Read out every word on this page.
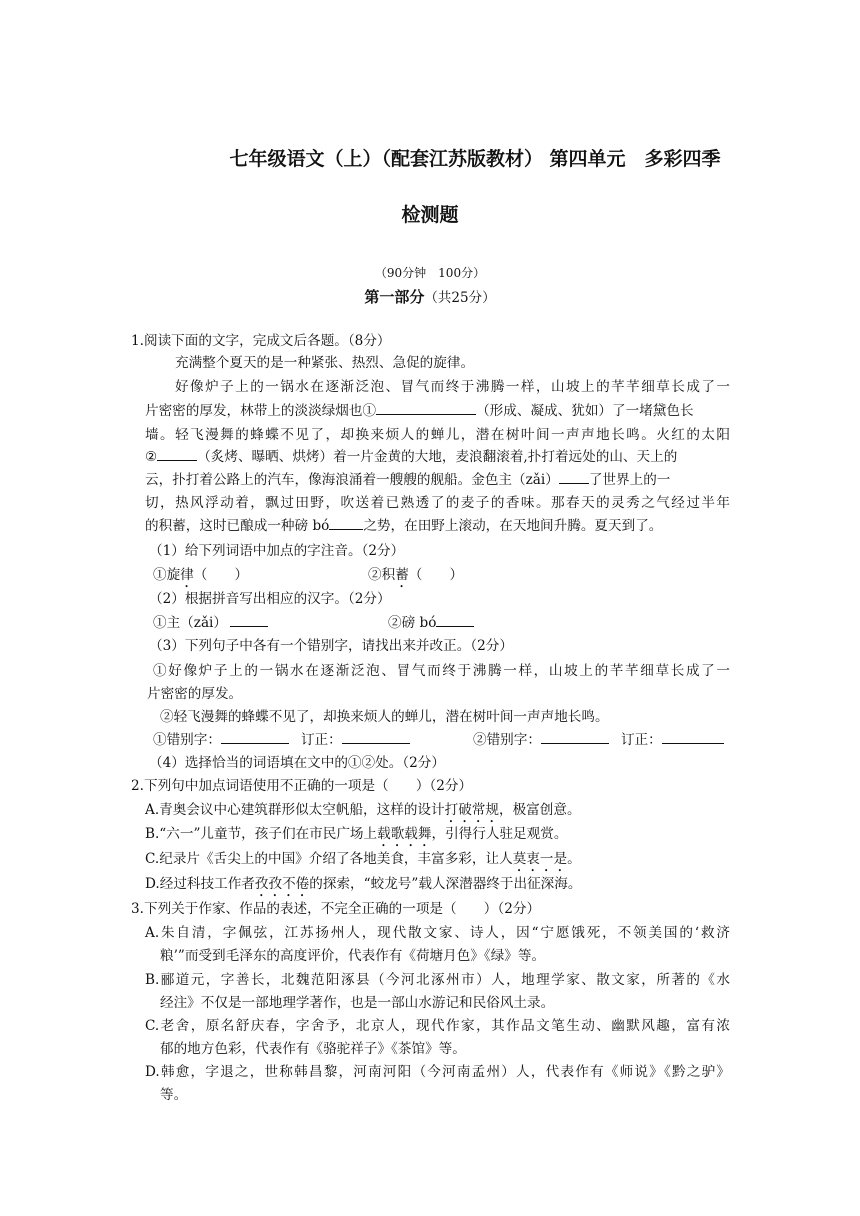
七年级语文（上）（配套江苏版教材） 第四单元　多彩四季
检测题
（90分钟　100分）
第一部分（共25分）
1.阅读下面的文字，完成文后各题。（8分）
充满整个夏天的是一种紧张、热烈、急促的旋律。
好像炉子上的一锅水在逐渐泛泡、冒气而终于沸腾一样，山坡上的芊芊细草长成了一
片密密的厚发，林带上的淡淡绿烟也①	（形成、凝成、犹如）了一堵黛色长
墙。轻飞漫舞的蜂蝶不见了，却换来烦人的蝉儿，潜在树叶间一声声地长鸣。火红的太阳
②	（炙烤、曝晒、烘烤）着一片金黄的大地，麦浪翻滚着,扑打着远处的山、天上的
云，扑打着公路上的汽车，像海浪涌着一艘艘的舰船。金色主（zǎi） 了世界上的一
切，热风浮动着，飘过田野，吹送着已熟透了的麦子的香味。那春天的灵秀之气经过半年
的积蓄，这时已酿成一种磅 bó	之势，在田野上滚动，在天地间升腾。夏天到了。
（1）给下列词语中加点的字注音。（2分）
①旋律（　　）	②积蓄（　　）
（2）根据拼音写出相应的汉字。（2分）
①主（zǎi）	②磅 bó
（3）下列句子中各有一个错别字，请找出来并改正。（2分）
①好像炉子上的一锅水在逐渐泛泡、冒气而终于沸腾一样，山坡上的芊芊细草长成了一
片密密的厚发。
②轻飞漫舞的蜂蝶不见了，却换来烦人的蝉儿，潜在树叶间一声声地长鸣。
①错别字：	订正：	②错别字：	订正：
（4）选择恰当的词语填在文中的①②处。（2分）
2.下列句中加点词语使用不正确的一项是（　　）（2分）
A.青奥会议中心建筑群形似太空帆船，这样的设计打破常规，极富创意。
B.“六一”儿童节，孩子们在市民广场上载歌载舞，引得行人驻足观赏。
C.纪录片《舌尖上的中国》介绍了各地美食，丰富多彩，让人莫衷一是。
D.经过科技工作者孜孜不倦的探索，“蛟龙号”载人深潜器终于出征深海。
3.下列关于作家、作品的表述，不完全正确的一项是（　　）（2分）
A.朱自清，字佩弦，江苏扬州人，现代散文家、诗人，因“宁愿饿死，不领美国的‘救济
粮’”而受到毛泽东的高度评价，代表作有《荷塘月色》《绿》等。
B.郦道元，字善长，北魏范阳涿县（今河北涿州市）人，地理学家、散文家，所著的《水
经注》不仅是一部地理学著作，也是一部山水游记和民俗风土录。
C.老舍，原名舒庆春，字舍予，北京人，现代作家，其作品文笔生动、幽默风趣，富有浓
郁的地方色彩，代表作有《骆驼祥子》《茶馆》等。
D.韩愈，字退之，世称韩昌黎，河南河阳（今河南孟州）人，代表作有《师说》《黔之驴》
等。
